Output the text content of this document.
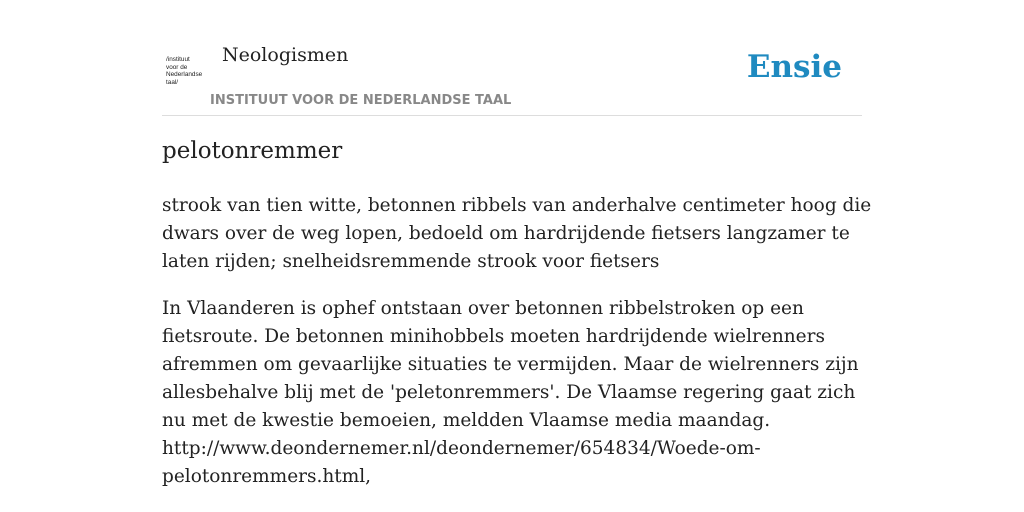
/instituut
voor de
Nederlandse
taal/
Neologismen
INSTITUUT VOOR DE NEDERLANDSE TAAL
Ensie
pelotonremmer

strook van tien witte, betonnen ribbels van anderhalve centimeter hoog die dwars over de weg lopen, bedoeld om hardrijdende fietsers langzamer te laten rijden; snelheidsremmende strook voor fietsers

In Vlaanderen is ophef ontstaan over betonnen ribbelstroken op een fietsroute. De betonnen minihobbels moeten hardrijdende wielrenners afremmen om gevaarlijke situaties te vermijden. Maar de wielrenners zijn allesbehalve blij met de 'peletonremmers'. De Vlaamse regering gaat zich nu met de kwestie bemoeien, meldden Vlaamse media maandag.
http://www.deondernemer.nl/deondernemer/654834/Woede-om-pelotonremmers.html,
